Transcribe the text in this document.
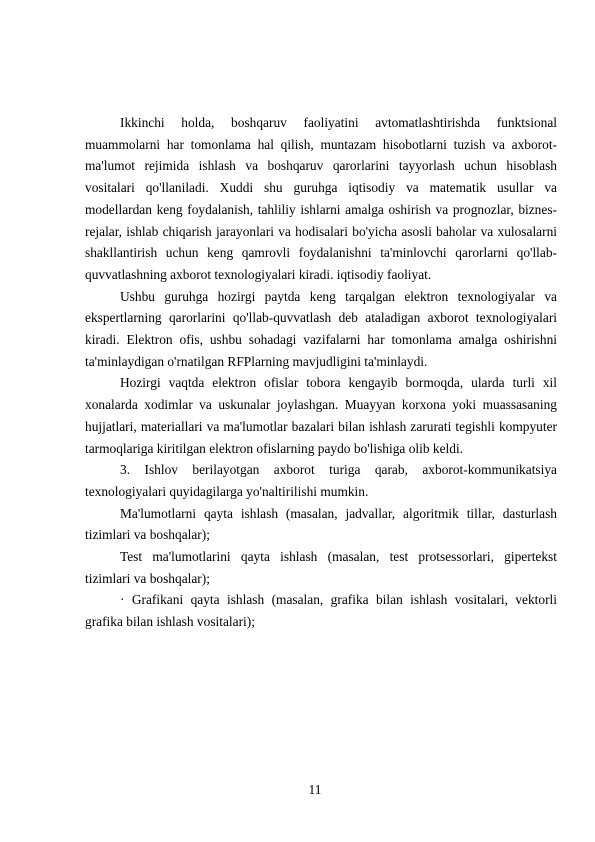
Ikkinchi holda, boshqaruv faoliyatini avtomatlashtirishda funktsional muammolarni har tomonlama hal qilish, muntazam hisobotlarni tuzish va axborot-ma'lumot rejimida ishlash va boshqaruv qarorlarini tayyorlash uchun hisoblash vositalari qo'llaniladi. Xuddi shu guruhga iqtisodiy va matematik usullar va modellardan keng foydalanish, tahliliy ishlarni amalga oshirish va prognozlar, biznes-rejalar, ishlab chiqarish jarayonlari va hodisalari bo'yicha asosli baholar va xulosalarni shakllantirish uchun keng qamrovli foydalanishni ta'minlovchi qarorlarni qo'llab-quvvatlashning axborot texnologiyalari kiradi. iqtisodiy faoliyat.

Ushbu guruhga hozirgi paytda keng tarqalgan elektron texnologiyalar va ekspertlarning qarorlarini qo'llab-quvvatlash deb ataladigan axborot texnologiyalari kiradi. Elektron ofis, ushbu sohadagi vazifalarni har tomonlama amalga oshirishni ta'minlaydigan o'rnatilgan RFPlarning mavjudligini ta'minlaydi.

Hozirgi vaqtda elektron ofislar tobora kengayib bormoqda, ularda turli xil xonalarda xodimlar va uskunalar joylashgan. Muayyan korxona yoki muassasaning hujjatlari, materiallari va ma'lumotlar bazalari bilan ishlash zarurati tegishli kompyuter tarmoqlariga kiritilgan elektron ofislarning paydo bo'lishiga olib keldi.

3. Ishlov berilayotgan axborot turiga qarab, axborot-kommunikatsiya texnologiyalari quyidagilarga yo'naltirilishi mumkin.

Ma'lumotlarni qayta ishlash (masalan, jadvallar, algoritmik tillar, dasturlash tizimlari va boshqalar);

Test ma'lumotlarini qayta ishlash (masalan, test protsessorlari, gipertekst tizimlari va boshqalar);

· Grafikani qayta ishlash (masalan, grafika bilan ishlash vositalari, vektorli grafika bilan ishlash vositalari);

11
